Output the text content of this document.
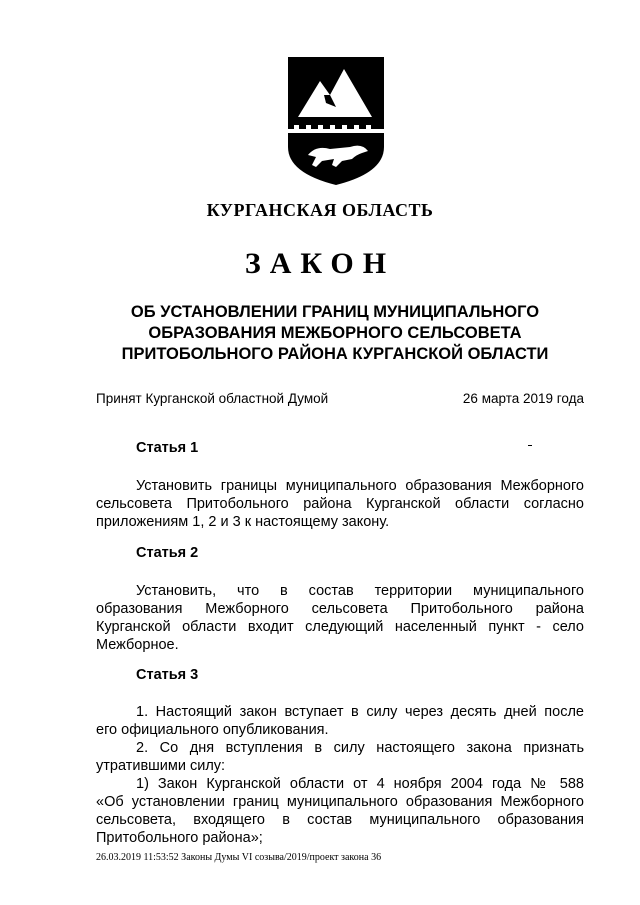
КУРГАНСКАЯ ОБЛАСТЬ
ЗАКОН
ОБ УСТАНОВЛЕНИИ ГРАНИЦ МУНИЦИПАЛЬНОГО
ОБРАЗОВАНИЯ МЕЖБОРНОГО СЕЛЬСОВЕТА
ПРИТОБОЛЬНОГО РАЙОНА КУРГАНСКОЙ ОБЛАСТИ
Принят Курганской областной Думой	26 марта 2019 года
Статья 1
Установить границы муниципального образования Межборного
сельсовета Притобольного района Курганской области согласно
приложениям 1, 2 и 3 к настоящему закону.
Статья 2
Установить, что в состав территории муниципального
образования Межборного сельсовета Притобольного района
Курганской области входит следующий населенный пункт - село
Межборное.
Статья 3
1. Настоящий закон вступает в силу через десять дней после
его официального опубликования.
2. Со дня вступления в силу настоящего закона признать
утратившими силу:
1) Закон Курганской области от 4 ноября 2004 года № 588
«Об установлении границ муниципального образования Межборного
сельсовета, входящего в состав муниципального образования
Притобольного района»;
26.03.2019 11:53:52 Законы Думы VI созыва/2019/проект закона 36
